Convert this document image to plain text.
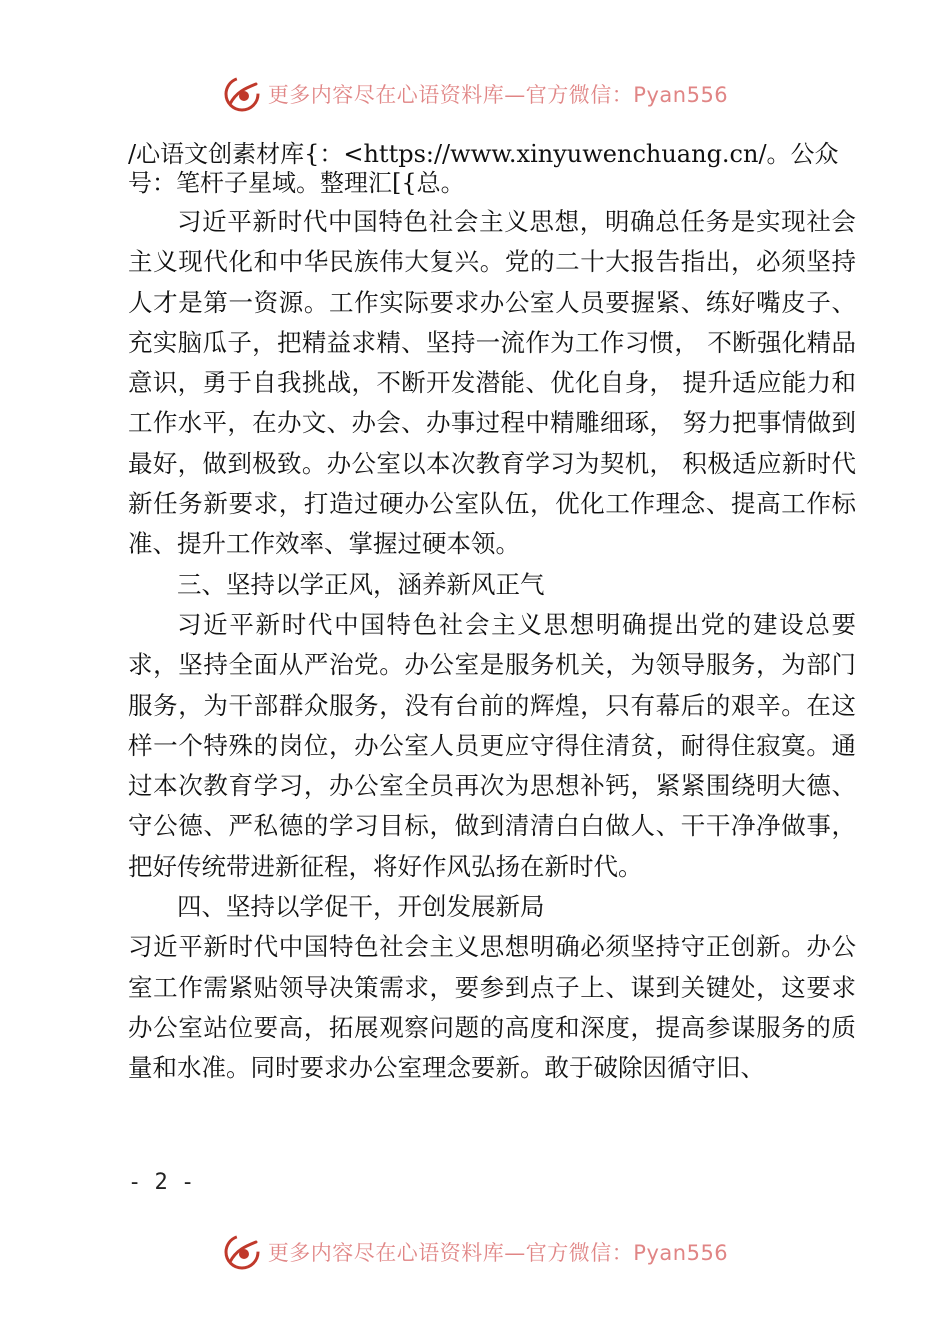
更多内容尽在心语资料库—官方微信：Pyan556

/心语文创素材库{：<https://www.xinyuwenchuang.cn/。公众号：笔杆子星域。整理汇[{总。

习近平新时代中国特色社会主义思想，明确总任务是实现社会主义现代化和中华民族伟大复兴。党的二十大报告指出，必须坚持人才是第一资源。工作实际要求办公室人员要握紧、练好嘴皮子、充实脑瓜子，把精益求精、坚持一流作为工作习惯， 不断强化精品意识，勇于自我挑战，不断开发潜能、优化自身， 提升适应能力和工作水平，在办文、办会、办事过程中精雕细琢， 努力把事情做到最好，做到极致。办公室以本次教育学习为契机， 积极适应新时代新任务新要求，打造过硬办公室队伍，优化工作理念、提高工作标准、提升工作效率、掌握过硬本领。

三、坚持以学正风，涵养新风正气

习近平新时代中国特色社会主义思想明确提出党的建设总要求，坚持全面从严治党。办公室是服务机关，为领导服务，为部门服务，为干部群众服务，没有台前的辉煌，只有幕后的艰辛。在这样一个特殊的岗位，办公室人员更应守得住清贫，耐得住寂寞。通过本次教育学习，办公室全员再次为思想补钙，紧紧围绕明大德、守公德、严私德的学习目标，做到清清白白做人、干干净净做事，把好传统带进新征程，将好作风弘扬在新时代。

四、坚持以学促干，开创发展新局

习近平新时代中国特色社会主义思想明确必须坚持守正创新。办公室工作需紧贴领导决策需求，要参到点子上、谋到关键处，这要求办公室站位要高，拓展观察问题的高度和深度，提高参谋服务的质量和水准。同时要求办公室理念要新。敢于破除因循守旧、

- 2 -
更多内容尽在心语资料库—官方微信：Pyan556
